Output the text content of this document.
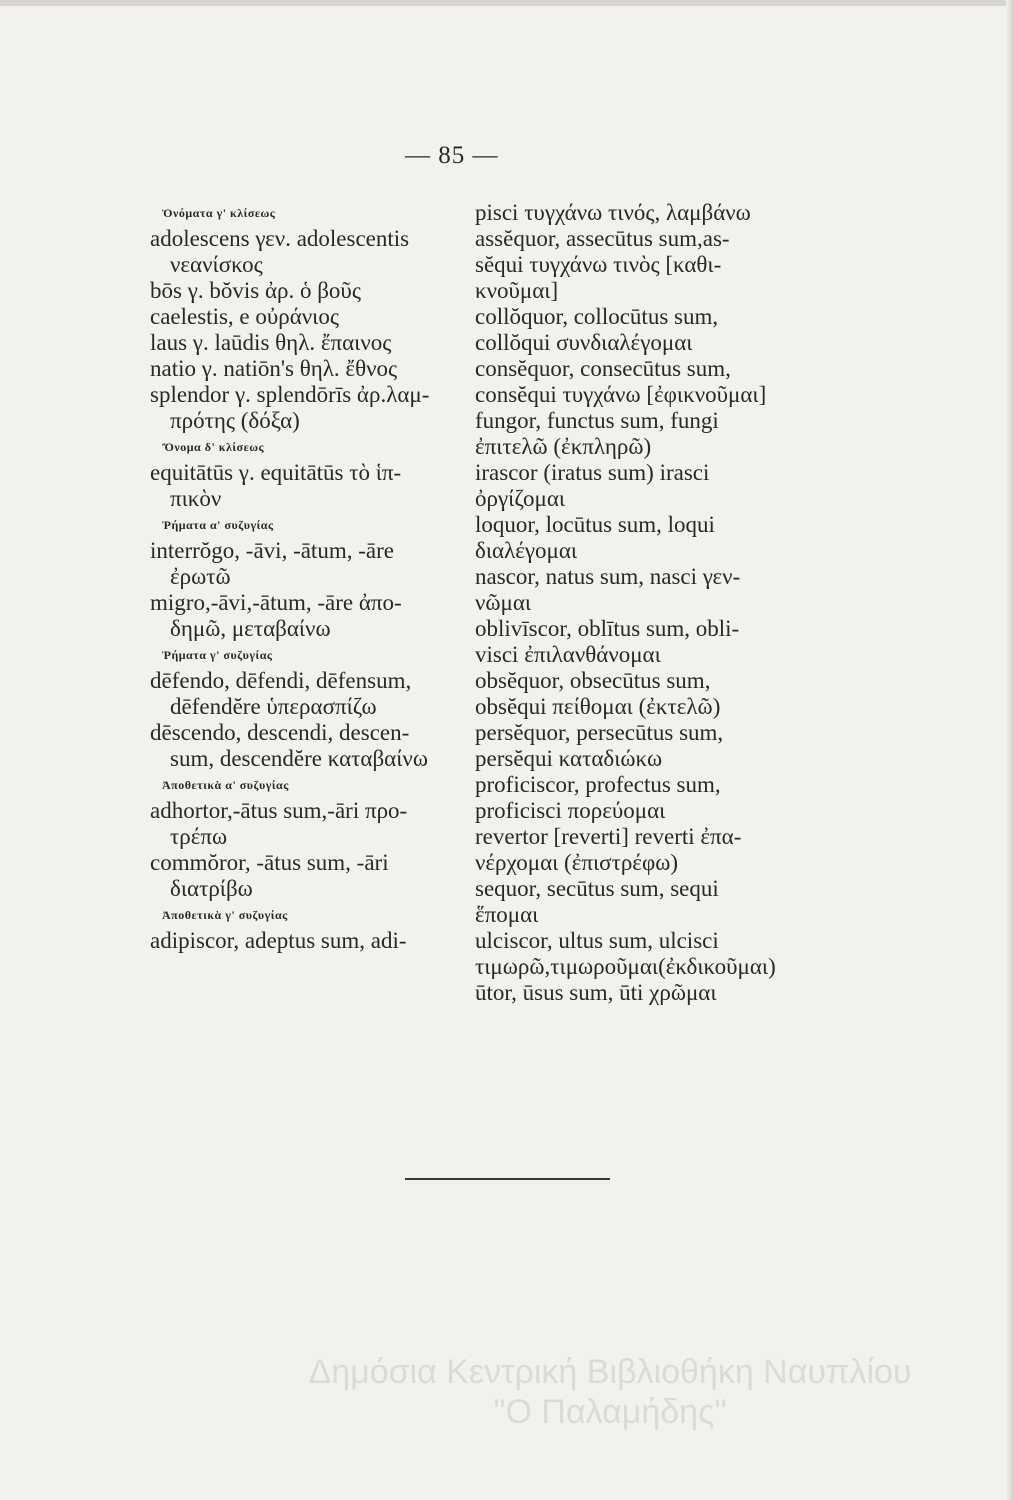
— 85 —
Ὀνόματα γ' κλίσεως
adolescens γεν. adolescentis
νεανίσκος
bōs γ. bŏvis ἀρ. ὁ βοῦς
caelestis, e οὐράνιος
laus γ. laūdis θηλ. ἔπαινος
natio γ. natiōn's θηλ. ἔθνος
splendor γ. splendōrīs ἀρ.λαμ-
πρότης (δόξα)
Ὄνομα δ' κλίσεως
equitātūs γ. equitātūs τὸ ἱπ-
πικὸν
Ῥήματα α' συζυγίας
interrŏgo, -āvi, -ātum, -āre
ἐρωτῶ
migro,-āvi,-ātum, -āre ἀπο-
δημῶ, μεταβαίνω
Ῥήματα γ' συζυγίας
dēfendo, dēfendi, dēfensum,
dēfendĕre ὑπερασπίζω
dēscendo, descendi, descen-
sum, descendĕre καταβαίνω
Ἀποθετικὰ α' συζυγίας
adhortor,-ātus sum,-āri προ-
τρέπω
commŏror, -ātus sum, -āri
διατρίβω
Ἀποθετικὰ γ' συζυγίας
adipiscor, adeptus sum, adi-
pisci τυγχάνω τινός, λαμβάνω
assĕquor, assecūtus sum,as-
sĕqui τυγχάνω τινὸς [καθι-
κνοῦμαι]
collŏquor, collocūtus sum,
collŏqui συνδιαλέγομαι
consĕquor, consecūtus sum,
consĕqui τυγχάνω [ἐφικνοῦμαι]
fungor, functus sum, fungi
ἐπιτελῶ (ἐκπληρῶ)
irascor (iratus sum) irasci
ὀργίζομαι
loquor, locūtus sum, loqui
διαλέγομαι
nascor, natus sum, nasci γεν-
νῶμαι
oblivīscor, oblītus sum, obli-
visci ἐπιλανθάνομαι
obsĕquor, obsecūtus sum,
obsĕqui πείθομαι (ἐκτελῶ)
persĕquor, persecūtus sum,
persĕqui καταδιώκω
proficiscor, profectus sum,
proficisci πορεύομαι
revertor [reverti] reverti ἐπα-
νέρχομαι (ἐπιστρέφω)
sequor, secūtus sum, sequi
ἕπομαι
ulciscor, ultus sum, ulcisci
τιμωρῶ,τιμωροῦμαι(ἐκδικοῦμαι)
ūtor, ūsus sum, ūti χρῶμαι
Δημόσια Κεντρική Βιβλιοθήκη Ναυπλίου
"Ο Παλαμήδης"
